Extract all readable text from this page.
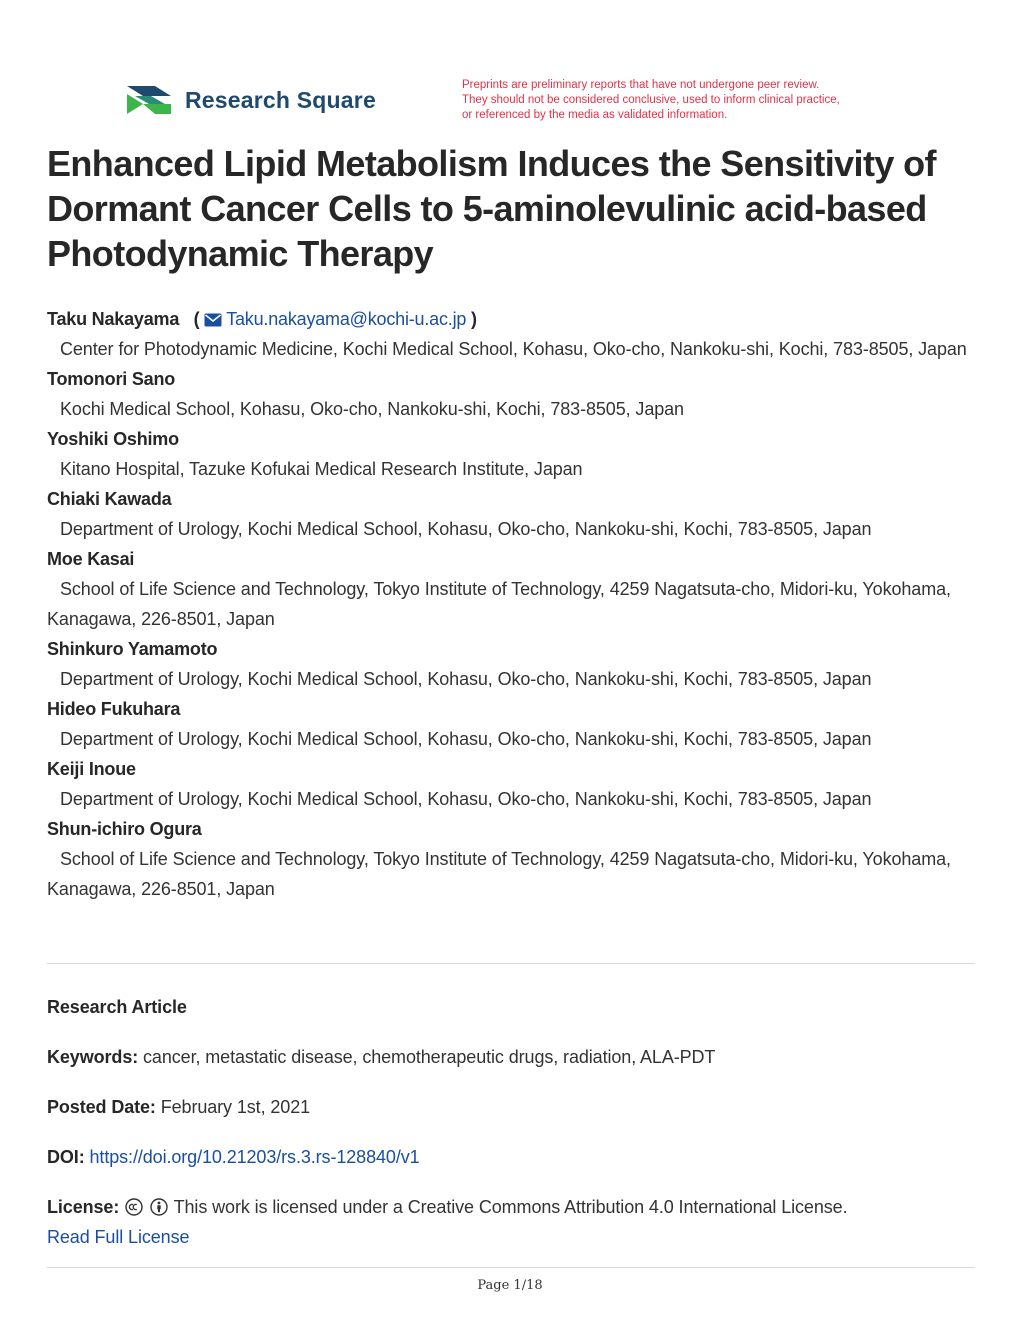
Research Square
Preprints are preliminary reports that have not undergone peer review.
They should not be considered conclusive, used to inform clinical practice,
or referenced by the media as validated information.
Enhanced Lipid Metabolism Induces the Sensitivity of Dormant Cancer Cells to 5-aminolevulinic acid-based Photodynamic Therapy
Taku Nakayama   ( Taku.nakayama@kochi-u.ac.jp )
Center for Photodynamic Medicine, Kochi Medical School, Kohasu, Oko-cho, Nankoku-shi, Kochi, 783-8505, Japan
Tomonori Sano
Kochi Medical School, Kohasu, Oko-cho, Nankoku-shi, Kochi, 783-8505, Japan
Yoshiki Oshimo
Kitano Hospital, Tazuke Kofukai Medical Research Institute, Japan
Chiaki Kawada
Department of Urology, Kochi Medical School, Kohasu, Oko-cho, Nankoku-shi, Kochi, 783-8505, Japan
Moe Kasai
School of Life Science and Technology, Tokyo Institute of Technology, 4259 Nagatsuta-cho, Midori-ku, Yokohama, Kanagawa, 226-8501, Japan
Shinkuro Yamamoto
Department of Urology, Kochi Medical School, Kohasu, Oko-cho, Nankoku-shi, Kochi, 783-8505, Japan
Hideo Fukuhara
Department of Urology, Kochi Medical School, Kohasu, Oko-cho, Nankoku-shi, Kochi, 783-8505, Japan
Keiji Inoue
Department of Urology, Kochi Medical School, Kohasu, Oko-cho, Nankoku-shi, Kochi, 783-8505, Japan
Shun-ichiro Ogura
School of Life Science and Technology, Tokyo Institute of Technology, 4259 Nagatsuta-cho, Midori-ku, Yokohama, Kanagawa, 226-8501, Japan
Research Article
Keywords: cancer, metastatic disease, chemotherapeutic drugs, radiation, ALA-PDT
Posted Date: February 1st, 2021
DOI: https://doi.org/10.21203/rs.3.rs-128840/v1
License:	This work is licensed under a Creative Commons Attribution 4.0 International License.
Read Full License
Page 1/18
